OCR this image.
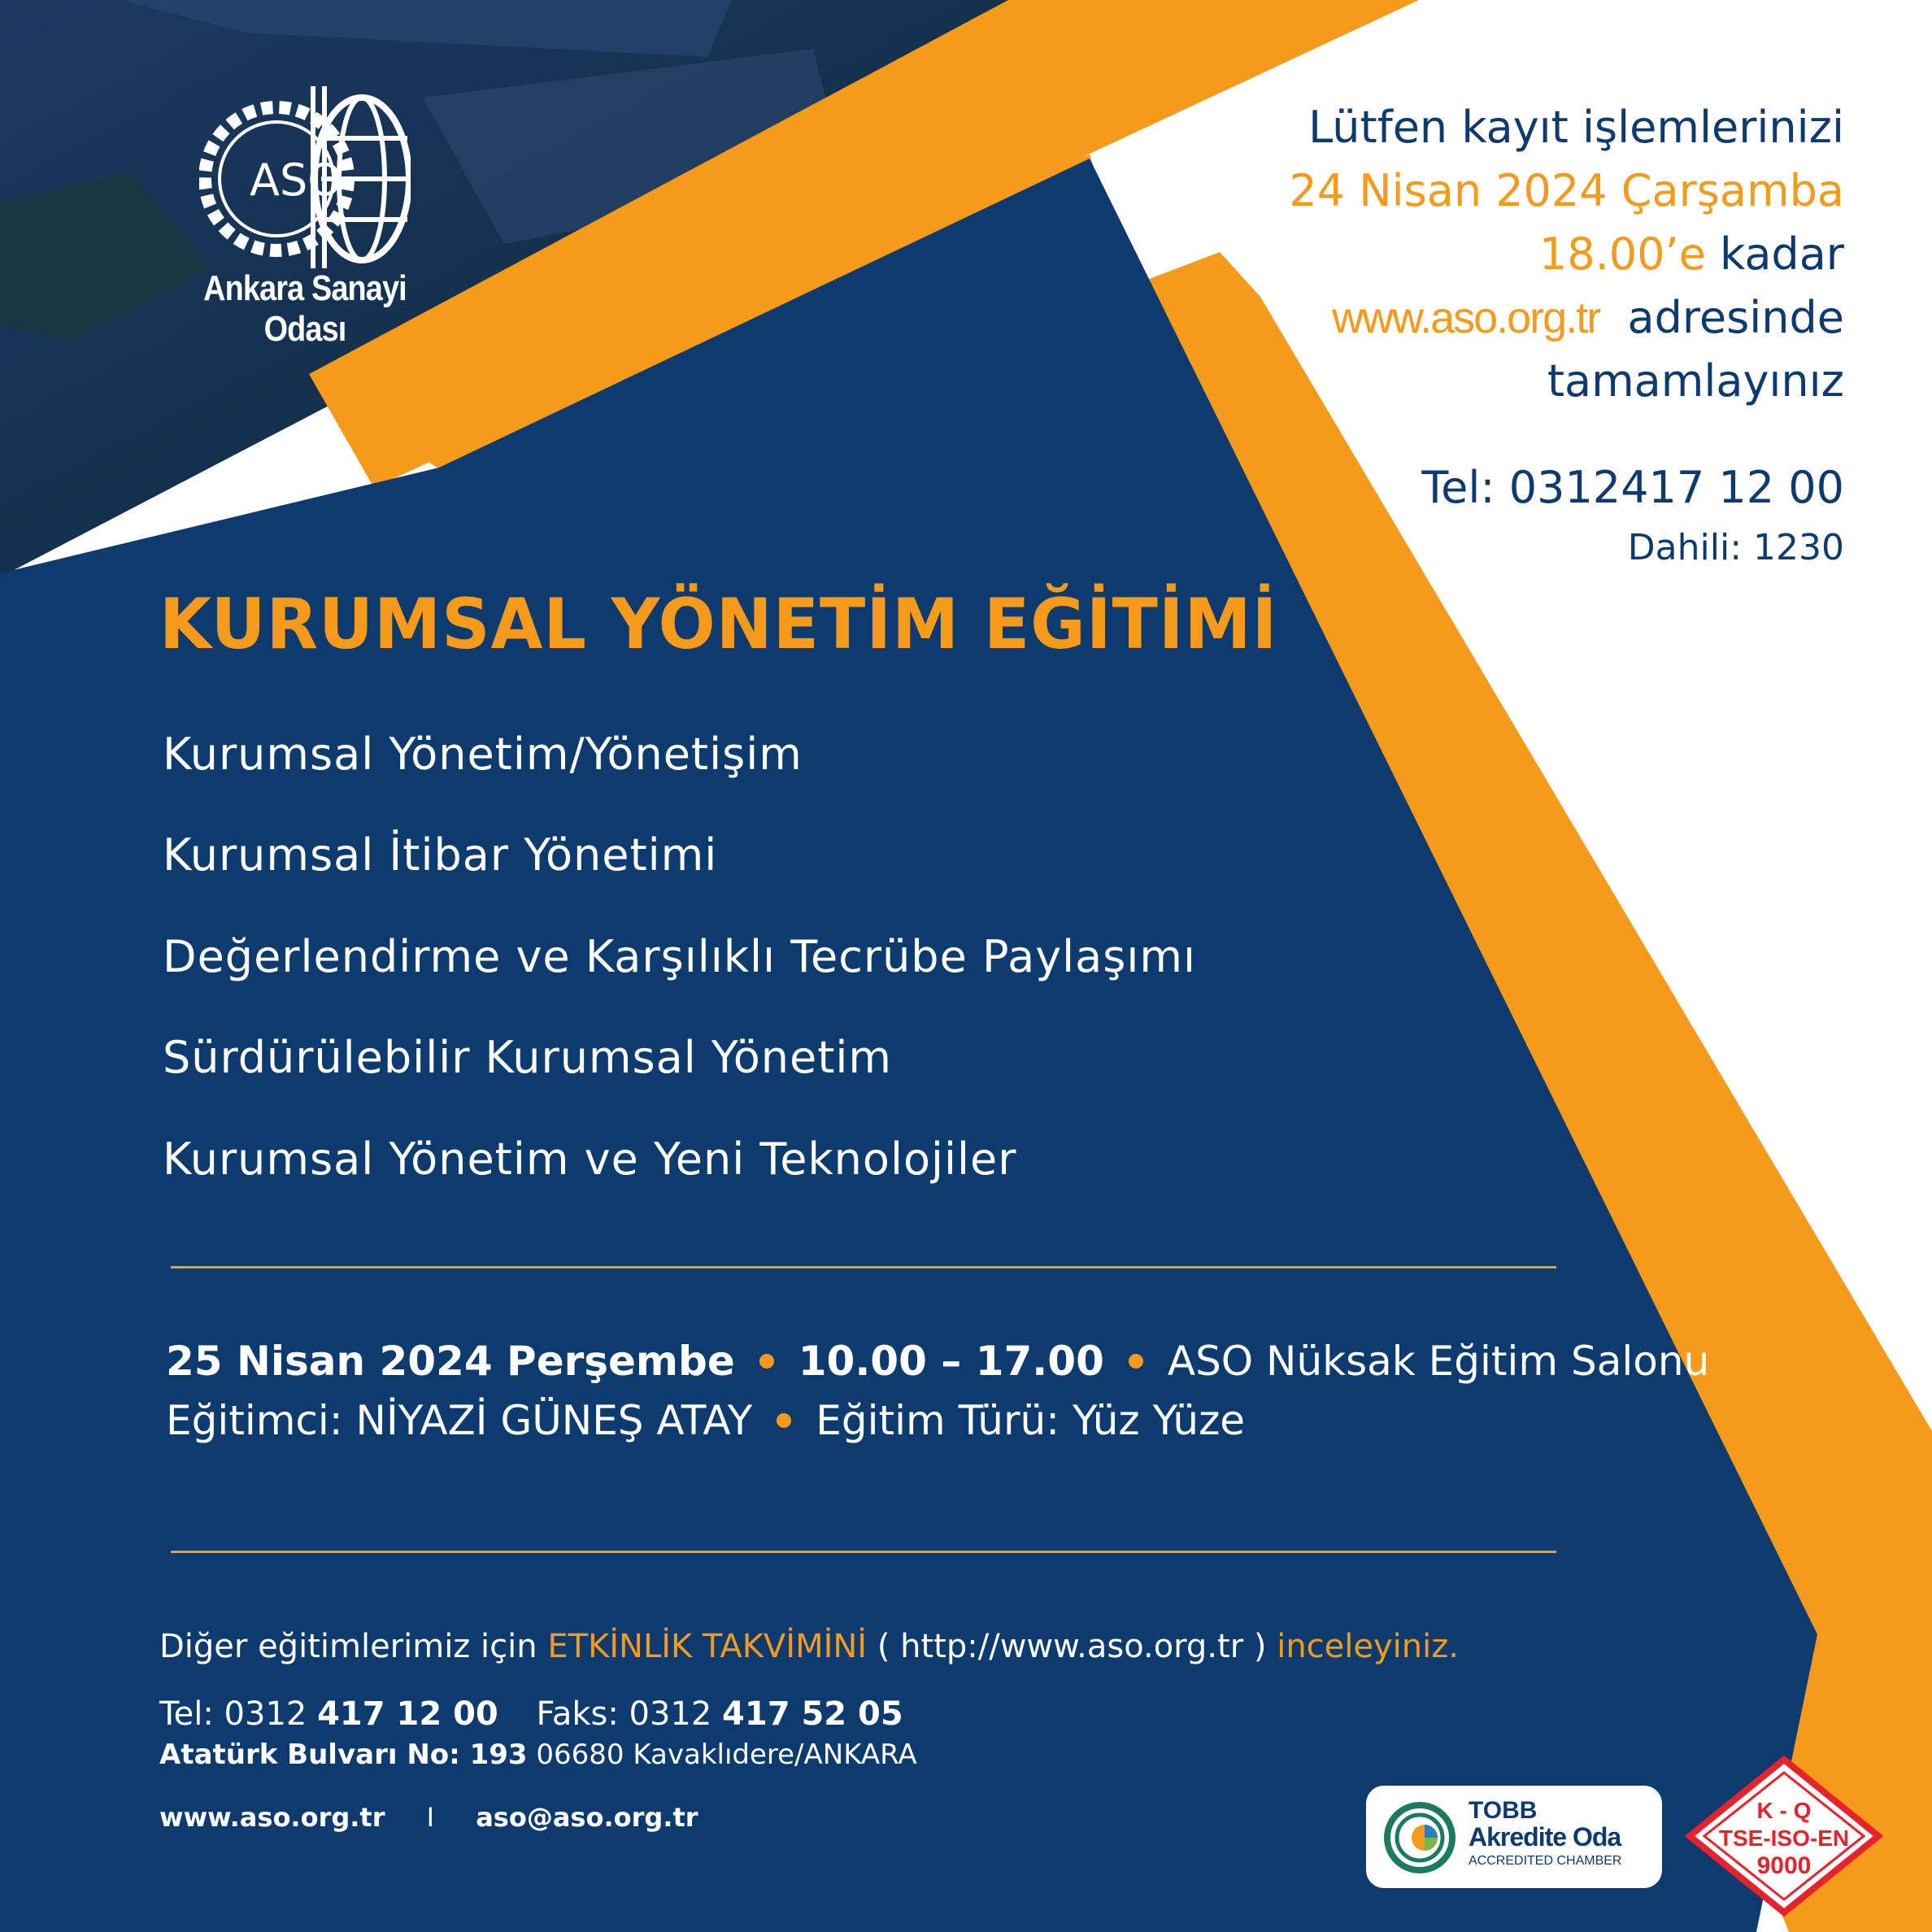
ASO
Ankara Sanayi Odası
Lütfen kayıt işlemlerinizi
24 Nisan 2024 Çarşamba
18.00’e kadar
www.aso.org.tr adresinde
tamamlayınız
Tel: 0312417 12 00
Dahili: 1230
KURUMSAL YÖNETİM EĞİTİMİ
Kurumsal Yönetim/Yönetişim
Kurumsal İtibar Yönetimi
Değerlendirme ve Karşılıklı Tecrübe Paylaşımı
Sürdürülebilir Kurumsal Yönetim
Kurumsal Yönetim ve Yeni Teknolojiler
25 Nisan 2024 Perşembe 10.00 – 17.00 ASO Nüksak Eğitim Salonu
Eğitimci: NİYAZİ GÜNEŞ ATAY Eğitim Türü: Yüz Yüze
Diğer eğitimlerimiz için ETKİNLİK TAKVİMİNİ ( http://www.aso.org.tr ) inceleyiniz.
Tel: 0312 417 12 00 Faks: 0312 417 52 05
Atatürk Bulvarı No: 193 06680 Kavaklıdere/ANKARA
www.aso.org.tr I aso@aso.org.tr	TOBB
Akredite Oda
ACCREDITED CHAMBER
K - Q
TSE-ISO-EN
9000
